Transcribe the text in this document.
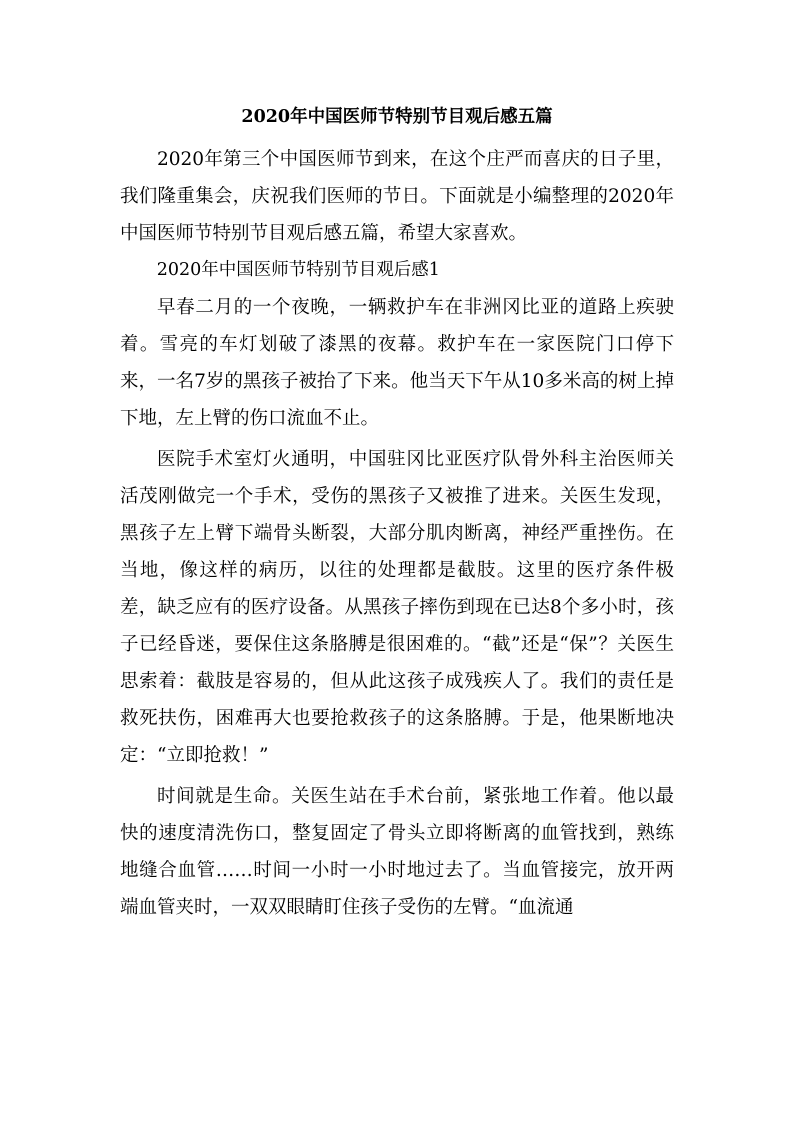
2020年中国医师节特别节目观后感五篇

2020年第三个中国医师节到来，在这个庄严而喜庆的日子里，我们隆重集会，庆祝我们医师的节日。下面就是小编整理的2020年中国医师节特别节目观后感五篇，希望大家喜欢。

2020年中国医师节特别节目观后感1

早春二月的一个夜晚，一辆救护车在非洲冈比亚的道路上疾驶着。雪亮的车灯划破了漆黑的夜幕。救护车在一家医院门口停下来，一名7岁的黑孩子被抬了下来。他当天下午从10多米高的树上掉下地，左上臂的伤口流血不止。

医院手术室灯火通明，中国驻冈比亚医疗队骨外科主治医师关活茂刚做完一个手术，受伤的黑孩子又被推了进来。关医生发现，黑孩子左上臂下端骨头断裂，大部分肌肉断离，神经严重挫伤。在当地，像这样的病历，以往的处理都是截肢。这里的医疗条件极差，缺乏应有的医疗设备。从黑孩子摔伤到现在已达8个多小时，孩子已经昏迷，要保住这条胳膊是很困难的。“截”还是“保”？关医生思索着：截肢是容易的，但从此这孩子成残疾人了。我们的责任是救死扶伤，困难再大也要抢救孩子的这条胳膊。于是，他果断地决定：“立即抢救！”

时间就是生命。关医生站在手术台前，紧张地工作着。他以最快的速度清洗伤口，整复固定了骨头立即将断离的血管找到，熟练地缝合血管……时间一小时一小时地过去了。当血管接完，放开两端血管夹时，一双双眼睛盯住孩子受伤的左臂。“血流通
